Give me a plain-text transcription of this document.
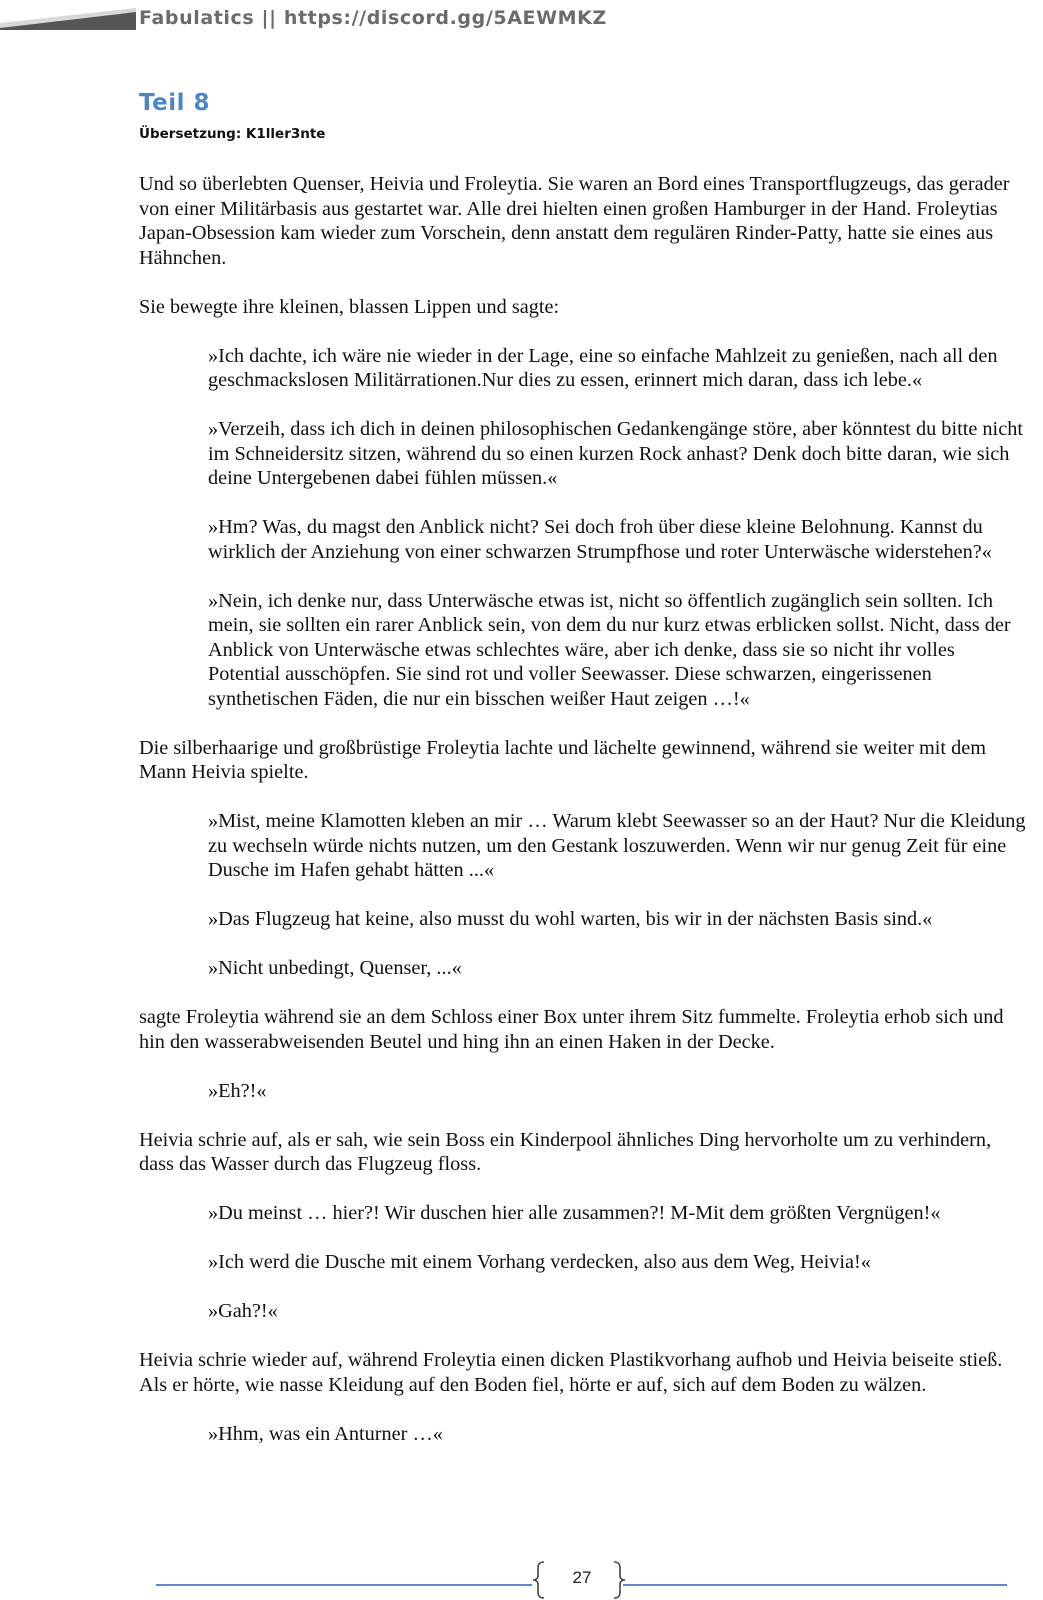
Fabulatics || https://discord.gg/5AEWMKZ
Teil 8
Übersetzung: K1ller3nte

Und so überlebten Quenser, Heivia und Froleytia. Sie waren an Bord eines Transportflugzeugs, das gerader von einer Militärbasis aus gestartet war. Alle drei hielten einen großen Hamburger in der Hand. Froleytias Japan-Obsession kam wieder zum Vorschein, denn anstatt dem regulären Rinder-Patty, hatte sie eines aus Hähnchen.

Sie bewegte ihre kleinen, blassen Lippen und sagte:

»Ich dachte, ich wäre nie wieder in der Lage, eine so einfache Mahlzeit zu genießen, nach all den geschmackslosen Militärrationen.Nur dies zu essen, erinnert mich daran, dass ich lebe.«

»Verzeih, dass ich dich in deinen philosophischen Gedankengänge störe, aber könntest du bitte nicht im Schneidersitz sitzen, während du so einen kurzen Rock anhast? Denk doch bitte daran, wie sich deine Untergebenen dabei fühlen müssen.«

»Hm? Was, du magst den Anblick nicht? Sei doch froh über diese kleine Belohnung. Kannst du wirklich der Anziehung von einer schwarzen Strumpfhose und roter Unterwäsche widerstehen?«

»Nein, ich denke nur, dass Unterwäsche etwas ist, nicht so öffentlich zugänglich sein sollten. Ich mein, sie sollten ein rarer Anblick sein, von dem du nur kurz etwas erblicken sollst. Nicht, dass der Anblick von Unterwäsche etwas schlechtes wäre, aber ich denke, dass sie so nicht ihr volles Potential ausschöpfen. Sie sind rot und voller Seewasser. Diese schwarzen, eingerissenen synthetischen Fäden, die nur ein bisschen weißer Haut zeigen …!«

Die silberhaarige und großbrüstige Froleytia lachte und lächelte gewinnend, während sie weiter mit dem Mann Heivia spielte.

»Mist, meine Klamotten kleben an mir … Warum klebt Seewasser so an der Haut? Nur die Kleidung zu wechseln würde nichts nutzen, um den Gestank loszuwerden. Wenn wir nur genug Zeit für eine Dusche im Hafen gehabt hätten ...«

»Das Flugzeug hat keine, also musst du wohl warten, bis wir in der nächsten Basis sind.«

»Nicht unbedingt, Quenser, ...«

sagte Froleytia während sie an dem Schloss einer Box unter ihrem Sitz fummelte. Froleytia erhob sich und hin den wasserabweisenden Beutel und hing ihn an einen Haken in der Decke.

»Eh?!«

Heivia schrie auf, als er sah, wie sein Boss ein Kinderpool ähnliches Ding hervorholte um zu verhindern, dass das Wasser durch das Flugzeug floss.

»Du meinst … hier?! Wir duschen hier alle zusammen?! M-Mit dem größten Vergnügen!«

»Ich werd die Dusche mit einem Vorhang verdecken, also aus dem Weg, Heivia!«

»Gah?!«

Heivia schrie wieder auf, während Froleytia einen dicken Plastikvorhang aufhob und Heivia beiseite stieß. Als er hörte, wie nasse Kleidung auf den Boden fiel, hörte er auf, sich auf dem Boden zu wälzen.

»Hhm, was ein Anturner …«

27
